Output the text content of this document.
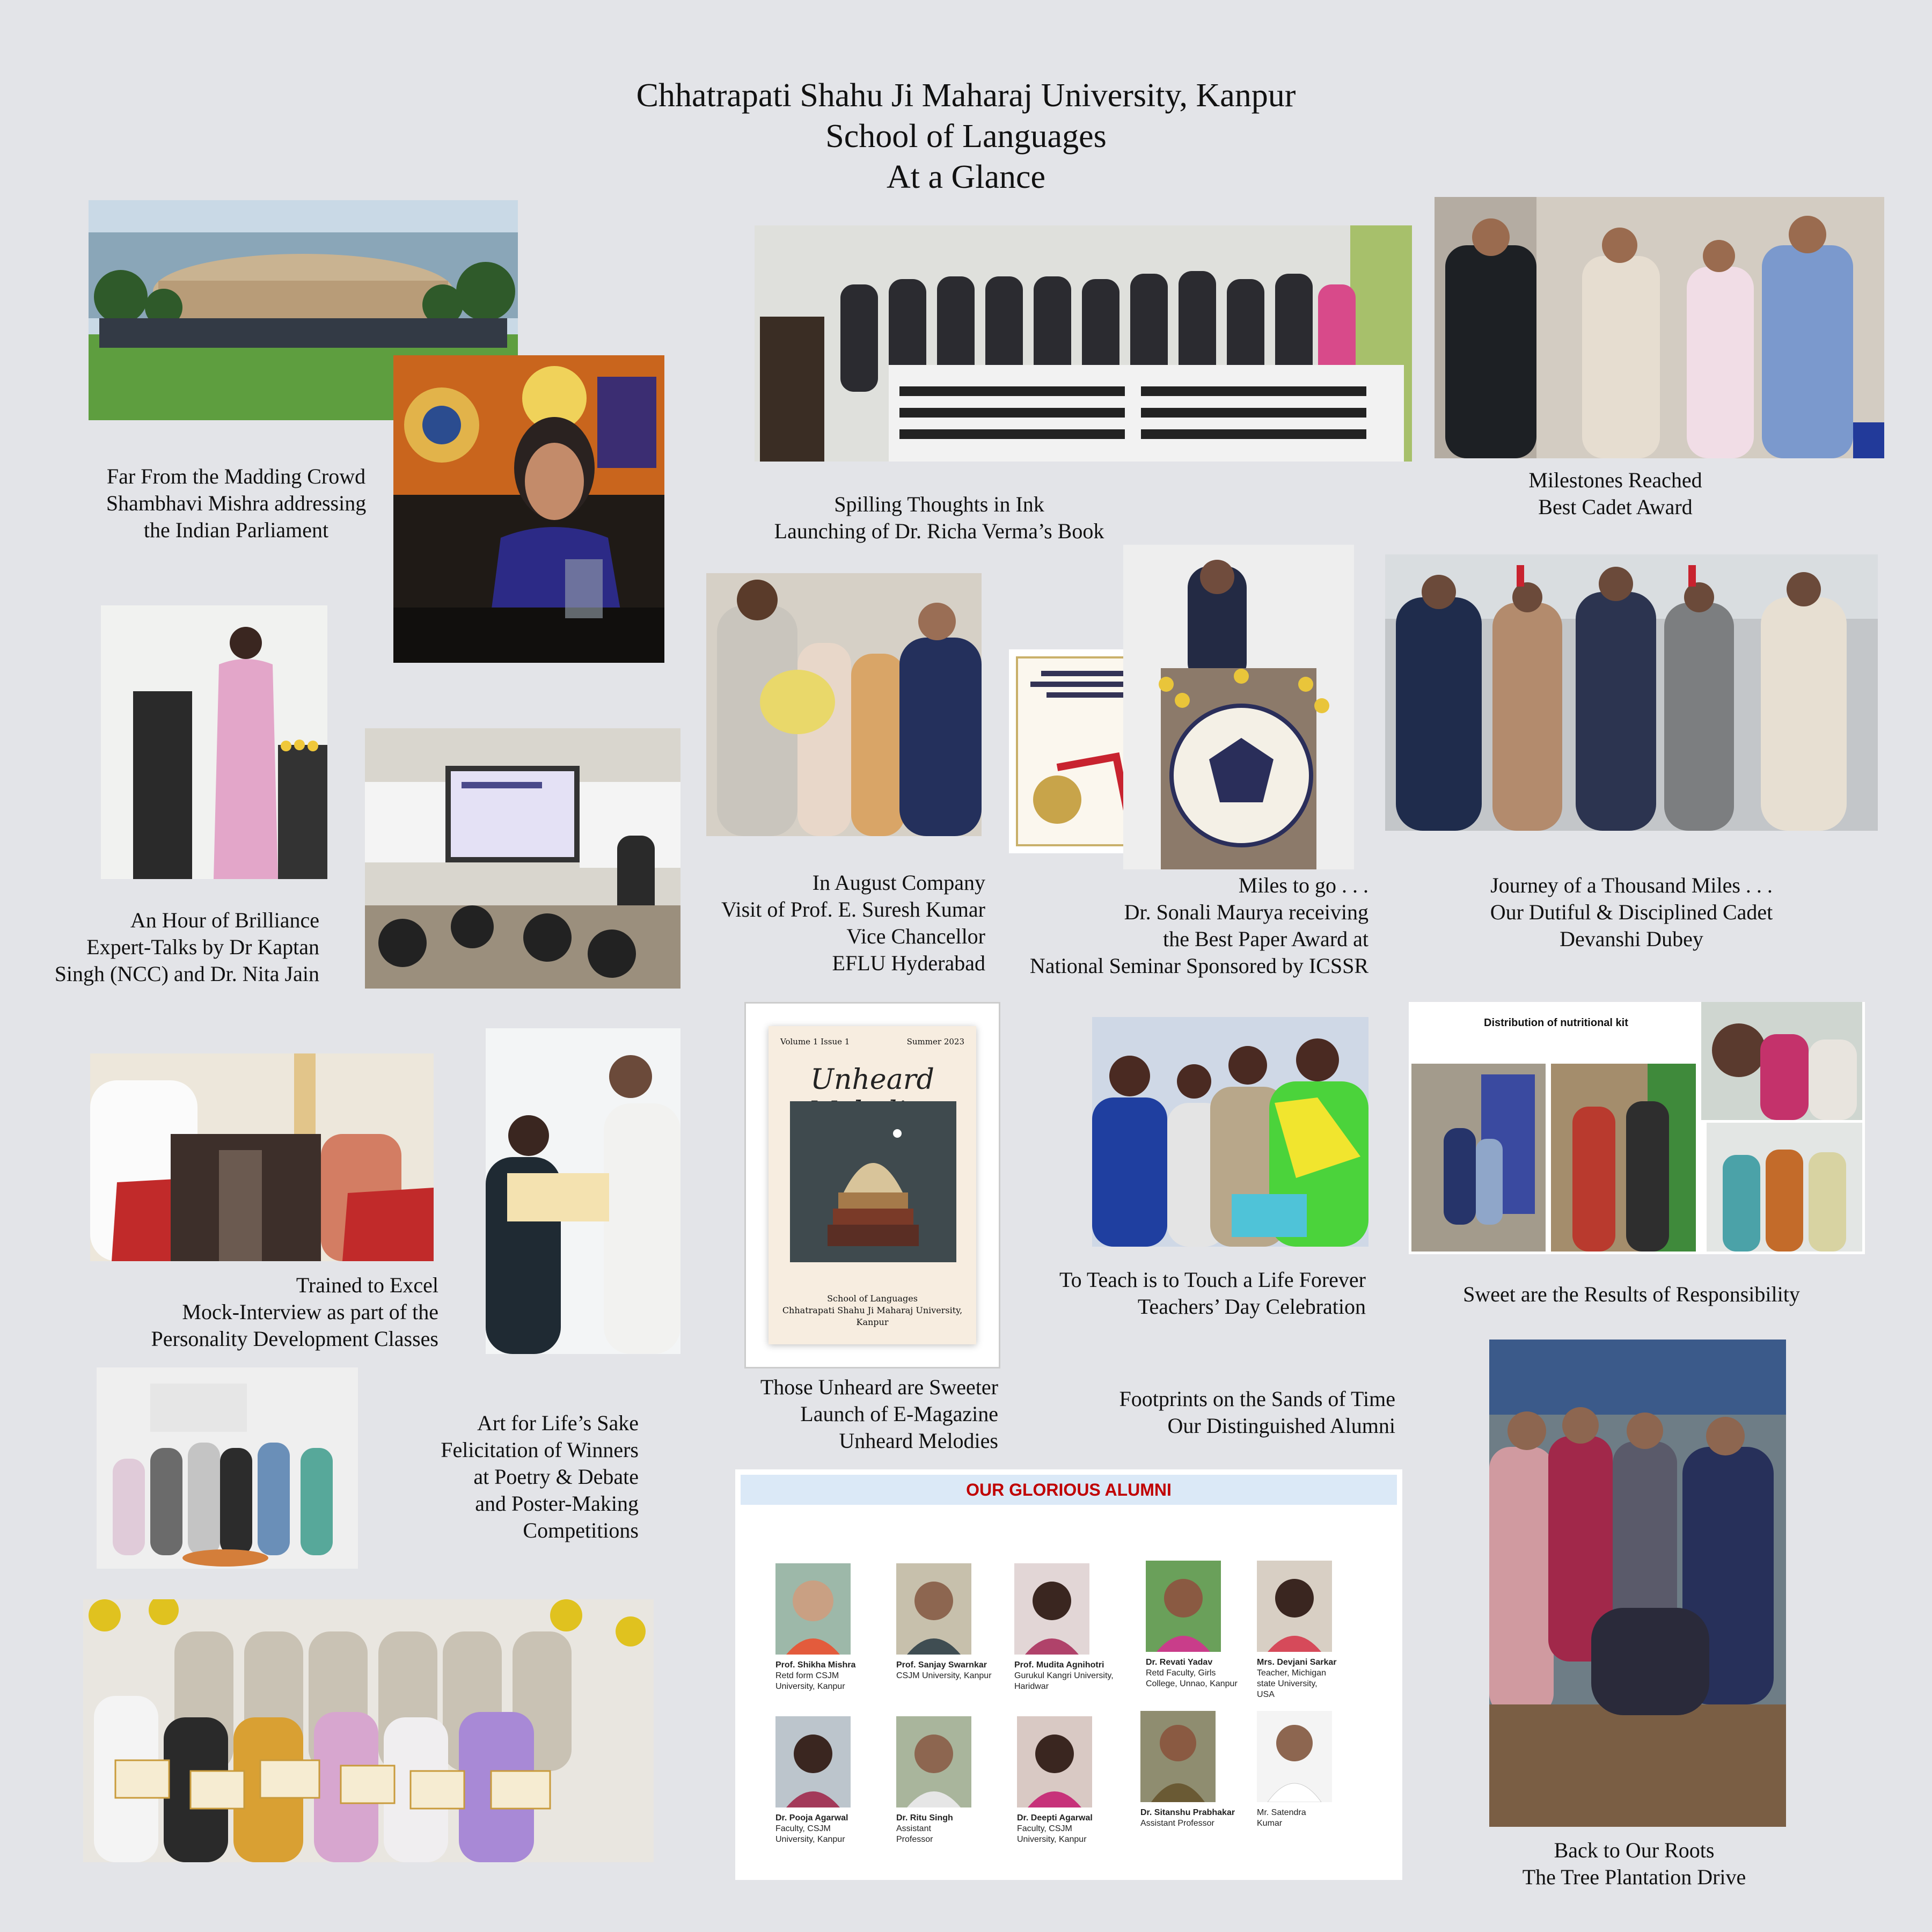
Chhatrapati Shahu Ji Maharaj University, Kanpur
School of Languages
At a Glance
Far From the Madding Crowd
Shambhavi Mishra addressing
the Indian Parliament
Spilling Thoughts in Ink
Launching of Dr. Richa Verma’s Book
Milestones Reached
Best Cadet Award
An Hour of Brilliance
Expert-Talks by Dr Kaptan
Singh (NCC) and Dr. Nita Jain
In August Company
Visit of Prof. E. Suresh Kumar
Vice Chancellor
EFLU Hyderabad
Miles to go . . .
Dr. Sonali Maurya receiving
the Best Paper Award at
National Seminar Sponsored by ICSSR
Journey of a Thousand Miles . . .
Our Dutiful & Disciplined Cadet
Devanshi Dubey
Trained to Excel
Mock-Interview as part of the
Personality Development Classes
Volume 1 Issue 1	Summer 2023
Unheard
School of Languages
Chhatrapati Shahu Ji Maharaj University, Kanpur
Those Unheard are Sweeter
Launch of E-Magazine
Unheard Melodies
To Teach is to Touch a Life Forever
Teachers’ Day Celebration
Distribution of nutritional kit
Sweet are the Results of Responsibility
Art for Life’s Sake
Felicitation of Winners
at Poetry & Debate
and Poster-Making
Competitions
Footprints on the Sands of Time
Our Distinguished Alumni
OUR GLORIOUS ALUMNI
Prof. Shikha Mishra
Retd form CSJM
University, Kanpur
Prof. Sanjay Swarnkar
CSJM University, Kanpur
Prof. Mudita Agnihotri
Gurukul Kangri University,
Haridwar
Dr. Revati Yadav
Retd Faculty, Girls
College, Unnao, Kanpur
Mrs. Devjani Sarkar
Teacher, Michigan
state University,
USA
Dr. Pooja Agarwal
Faculty, CSJM
University, Kanpur
Dr. Ritu Singh
Assistant
Professor
Dr. Deepti Agarwal
Faculty, CSJM
University, Kanpur
Dr. Sitanshu Prabhakar
Assistant Professor
Mr. Satendra
Kumar
Back to Our Roots
The Tree Plantation Drive
